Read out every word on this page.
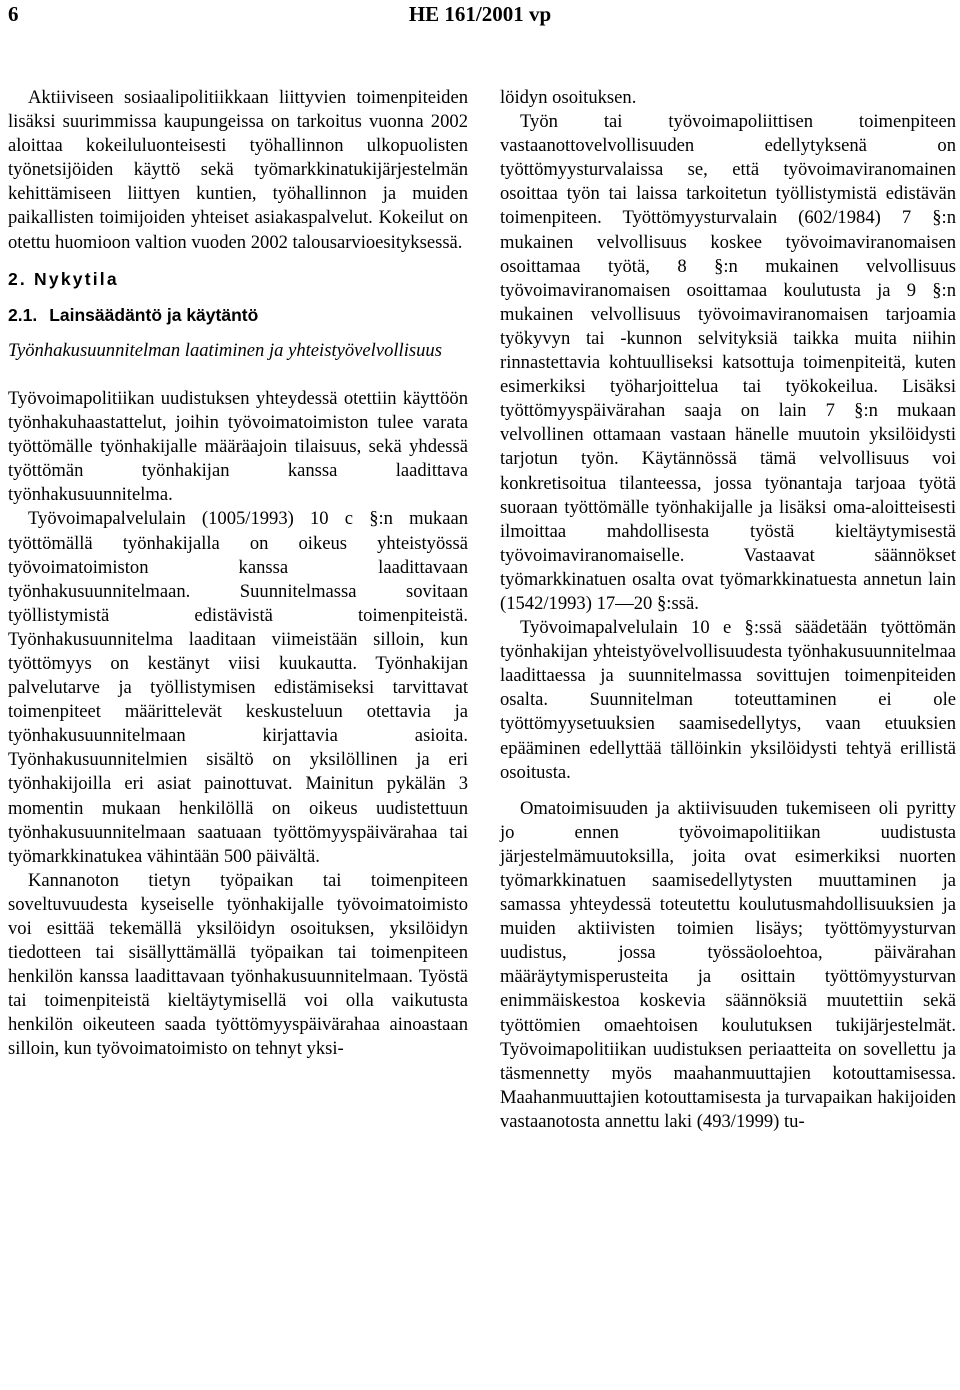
6	HE 161/2001 vp

Aktiiviseen sosiaalipolitiikkaan liittyvien toimenpiteiden lisäksi suurimmissa kaupungeissa on tarkoitus vuonna 2002 aloittaa kokeiluluonteisesti työhallinnon ulkopuolisten työnetsijöiden käyttö sekä työmarkkinatukijärjestelmän kehittämiseen liittyen kuntien, työhallinnon ja muiden paikallisten toimijoiden yhteiset asiakaspalvelut. Kokeilut on otettu huomioon valtion vuoden 2002 talousarvioesityksessä.

2. Nykytila
2.1. Lainsäädäntö ja käytäntö
Työnhakusuunnitelman laatiminen ja yhteistyövelvollisuus

Työvoimapolitiikan uudistuksen yhteydessä otettiin käyttöön työnhakuhaastattelut, joihin työvoimatoimiston tulee varata työttömälle työnhakijalle määräajoin tilaisuus, sekä yhdessä työttömän työnhakijan kanssa laadittava työnhakusuunnitelma.

Työvoimapalvelulain (1005/1993) 10 c §:n mukaan työttömällä työnhakijalla on oikeus yhteistyössä työvoimatoimiston kanssa laadittavaan työnhakusuunnitelmaan. Suunnitelmassa sovitaan työllistymistä edistävistä toimenpiteistä. Työnhakusuunnitelma laaditaan viimeistään silloin, kun työttömyys on kestänyt viisi kuukautta. Työnhakijan palvelutarve ja työllistymisen edistämiseksi tarvittavat toimenpiteet määrittelevät keskusteluun otettavia ja työnhakusuunnitelmaan kirjattavia asioita. Työnhakusuunnitelmien sisältö on yksilöllinen ja eri työnhakijoilla eri asiat painottuvat. Mainitun pykälän 3 momentin mukaan henkilöllä on oikeus uudistettuun työnhakusuunnitelmaan saatuaan työttömyyspäivärahaa tai työmarkkinatukea vähintään 500 päivältä.

Kannanoton tietyn työpaikan tai toimenpiteen soveltuvuudesta kyseiselle työnhakijalle työvoimatoimisto voi esittää tekemällä yksilöidyn osoituksen, yksilöidyn tiedotteen tai sisällyttämällä työpaikan tai toimenpiteen henkilön kanssa laadittavaan työnhakusuunnitelmaan. Työstä tai toimenpiteistä kieltäytymisellä voi olla vaikutusta henkilön oikeuteen saada työttömyyspäivärahaa ainoastaan silloin, kun työvoimatoimisto on tehnyt yksi-

löidyn osoituksen.

Työn tai työvoimapoliittisen toimenpiteen vastaanottovelvollisuuden edellytyksenä on työttömyysturvalaissa se, että työvoimaviranomainen osoittaa työn tai laissa tarkoitetun työllistymistä edistävän toimenpiteen. Työttömyysturvalain (602/1984) 7 §:n mukainen velvollisuus koskee työvoimaviranomaisen osoittamaa työtä, 8 §:n mukainen velvollisuus työvoimaviranomaisen osoittamaa koulutusta ja 9 §:n mukainen velvollisuus työvoimaviranomaisen tarjoamia työkyvyn tai -kunnon selvityksiä taikka muita niihin rinnastettavia kohtuulliseksi katsottuja toimenpiteitä, kuten esimerkiksi työharjoittelua tai työkokeilua. Lisäksi työttömyyspäivärahan saaja on lain 7 §:n mukaan velvollinen ottamaan vastaan hänelle muutoin yksilöidysti tarjotun työn. Käytännössä tämä velvollisuus voi konkretisoitua tilanteessa, jossa työnantaja tarjoaa työtä suoraan työttömälle työnhakijalle ja lisäksi oma-aloitteisesti ilmoittaa mahdollisesta työstä kieltäytymisestä työvoimaviranomaiselle. Vastaavat säännökset työmarkkinatuen osalta ovat työmarkkinatuesta annetun lain (1542/1993) 17—20 §:ssä.

Työvoimapalvelulain 10 e §:ssä säädetään työttömän työnhakijan yhteistyövelvollisuudesta työnhakusuunnitelmaa laadittaessa ja suunnitelmassa sovittujen toimenpiteiden osalta. Suunnitelman toteuttaminen ei ole työttömyysetuuksien saamisedellytys, vaan etuuksien epääminen edellyttää tällöinkin yksilöidysti tehtyä erillistä osoitusta.

Omatoimisuuden ja aktiivisuuden tukemiseen oli pyritty jo ennen työvoimapolitiikan uudistusta järjestelmämuutoksilla, joita ovat esimerkiksi nuorten työmarkkinatuen saamisedellytysten muuttaminen ja samassa yhteydessä toteutettu koulutusmahdollisuuksien ja muiden aktiivisten toimien lisäys; työttömyysturvan uudistus, jossa työssäoloehtoa, päivärahan määräytymisperusteita ja osittain työttömyysturvan enimmäiskestoa koskevia säännöksiä muutettiin sekä työttömien omaehtoisen koulutuksen tukijärjestelmät. Työvoimapolitiikan uudistuksen periaatteita on sovellettu ja täsmennetty myös maahanmuuttajien kotouttamisessa. Maahanmuuttajien kotouttamisesta ja turvapaikan hakijoiden vastaanotosta annettu laki (493/1999) tu-
